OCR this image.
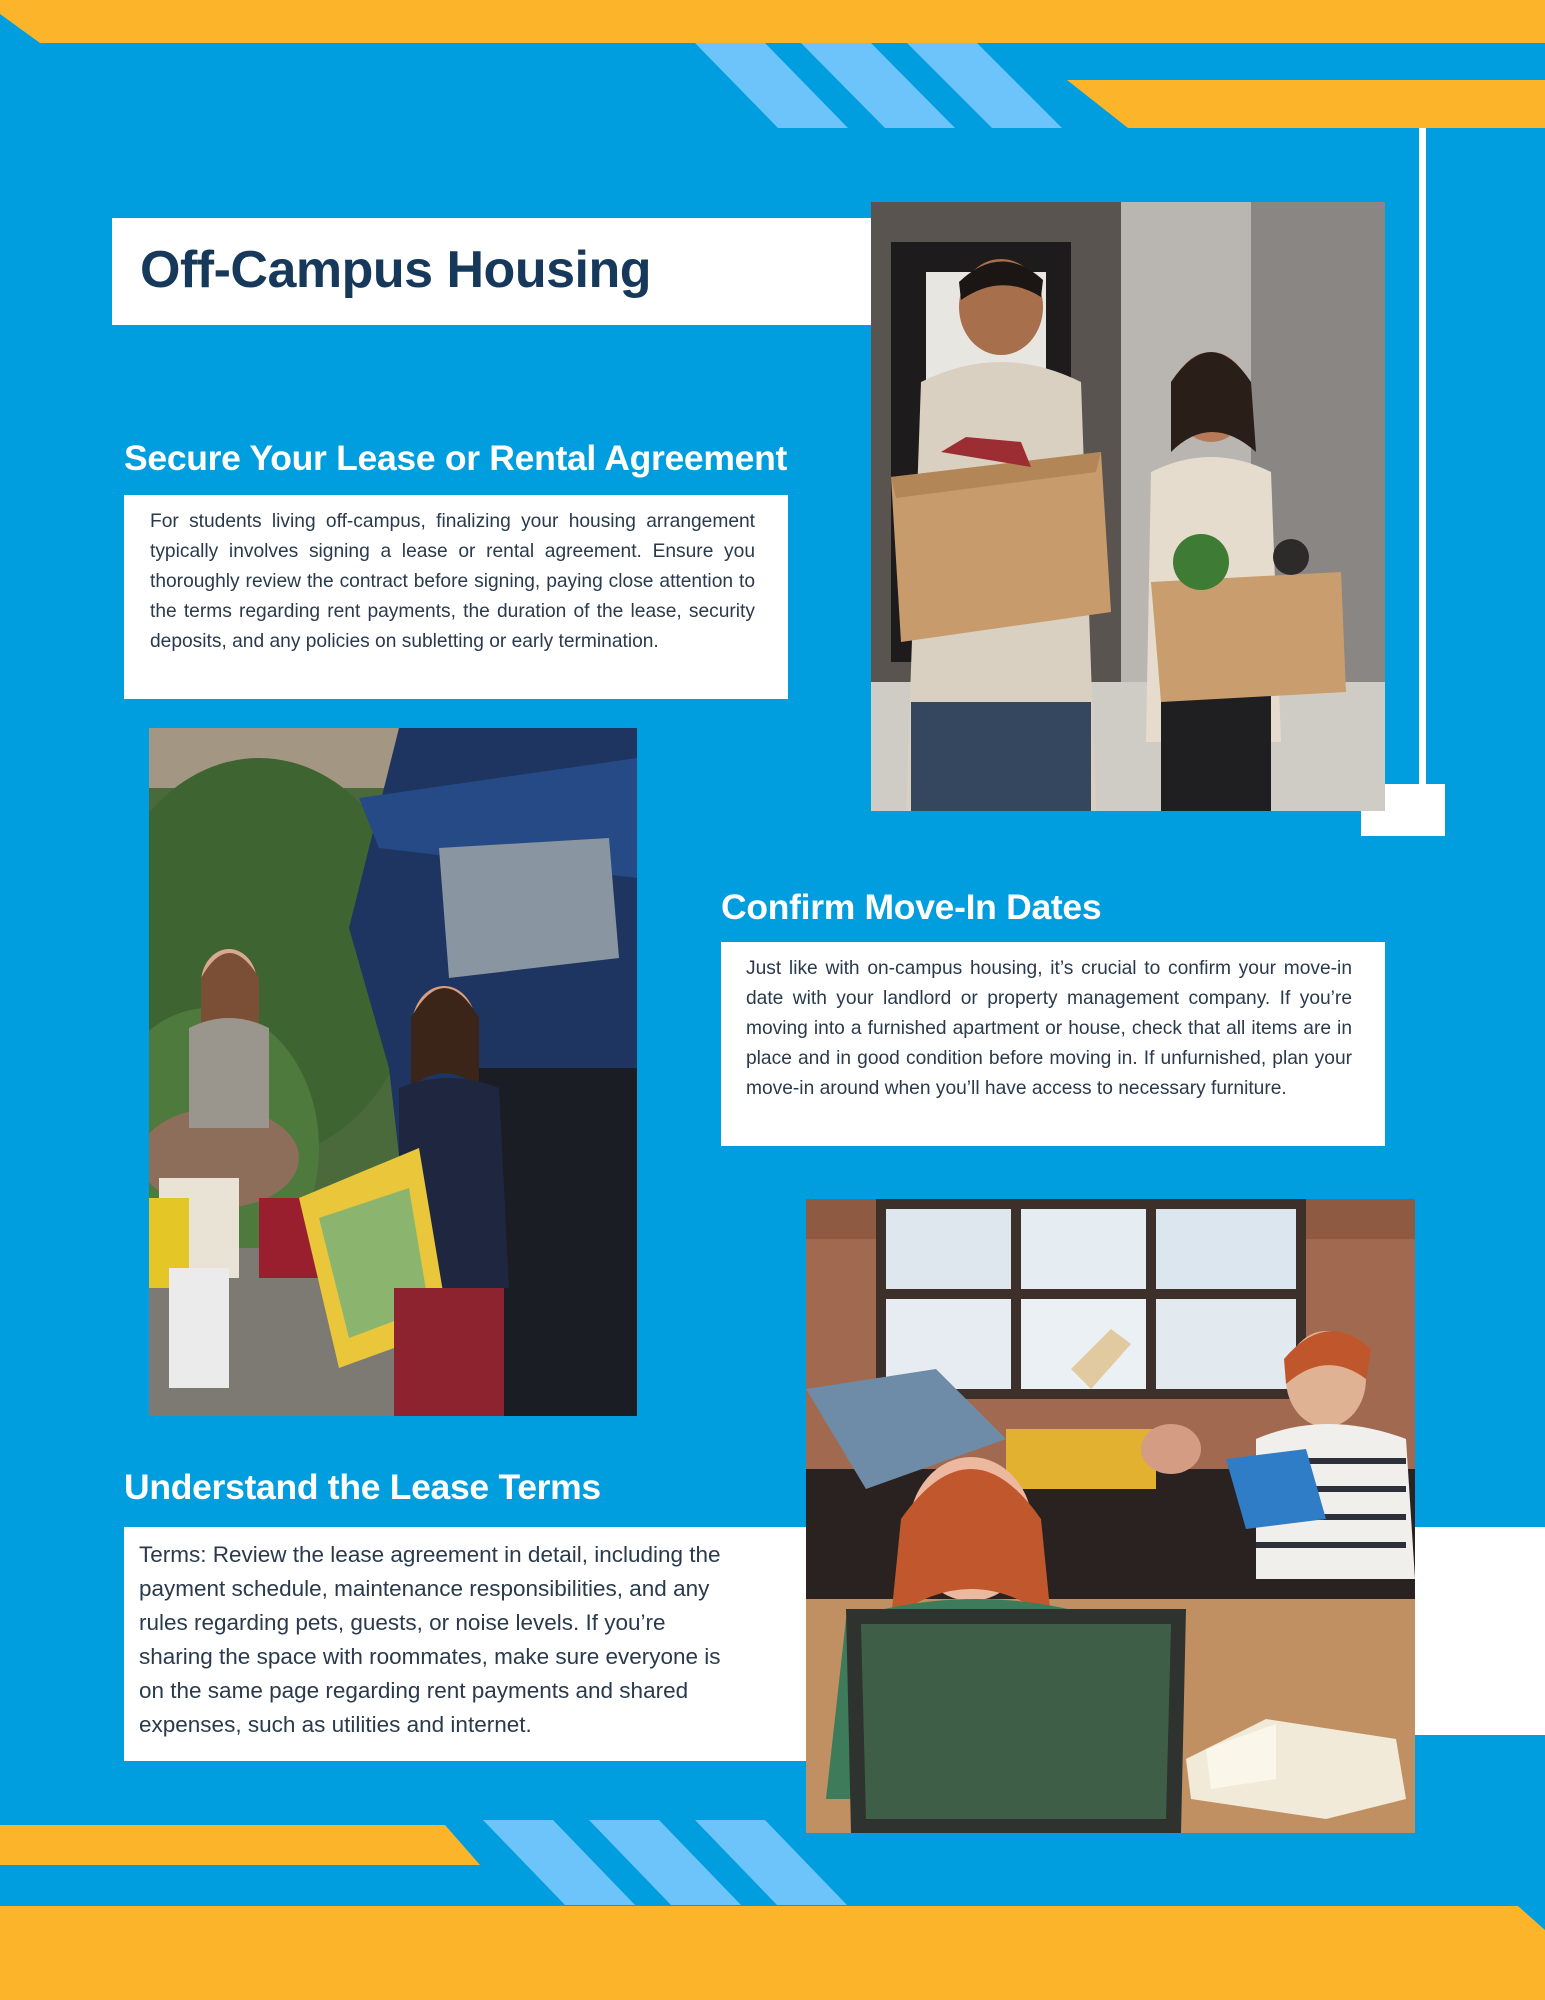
Off-Campus Housing
Secure Your Lease or Rental Agreement

For students living off-campus, finalizing your housing arrangement typically involves signing a lease or rental agreement. Ensure you thoroughly review the contract before signing, paying close attention to the terms regarding rent payments, the duration of the lease, security deposits, and any policies on subletting or early termination.

Confirm Move-In Dates

Just like with on-campus housing, it’s crucial to confirm your move-in date with your landlord or property management company. If you’re moving into a furnished apartment or house, check that all items are in place and in good condition before moving in. If unfurnished, plan your move-in around when you’ll have access to necessary furniture.

Understand the Lease Terms

Terms: Review the lease agreement in detail, including the payment schedule, maintenance responsibilities, and any rules regarding pets, guests, or noise levels. If you’re sharing the space with roommates, make sure everyone is on the same page regarding rent payments and shared expenses, such as utilities and internet.
